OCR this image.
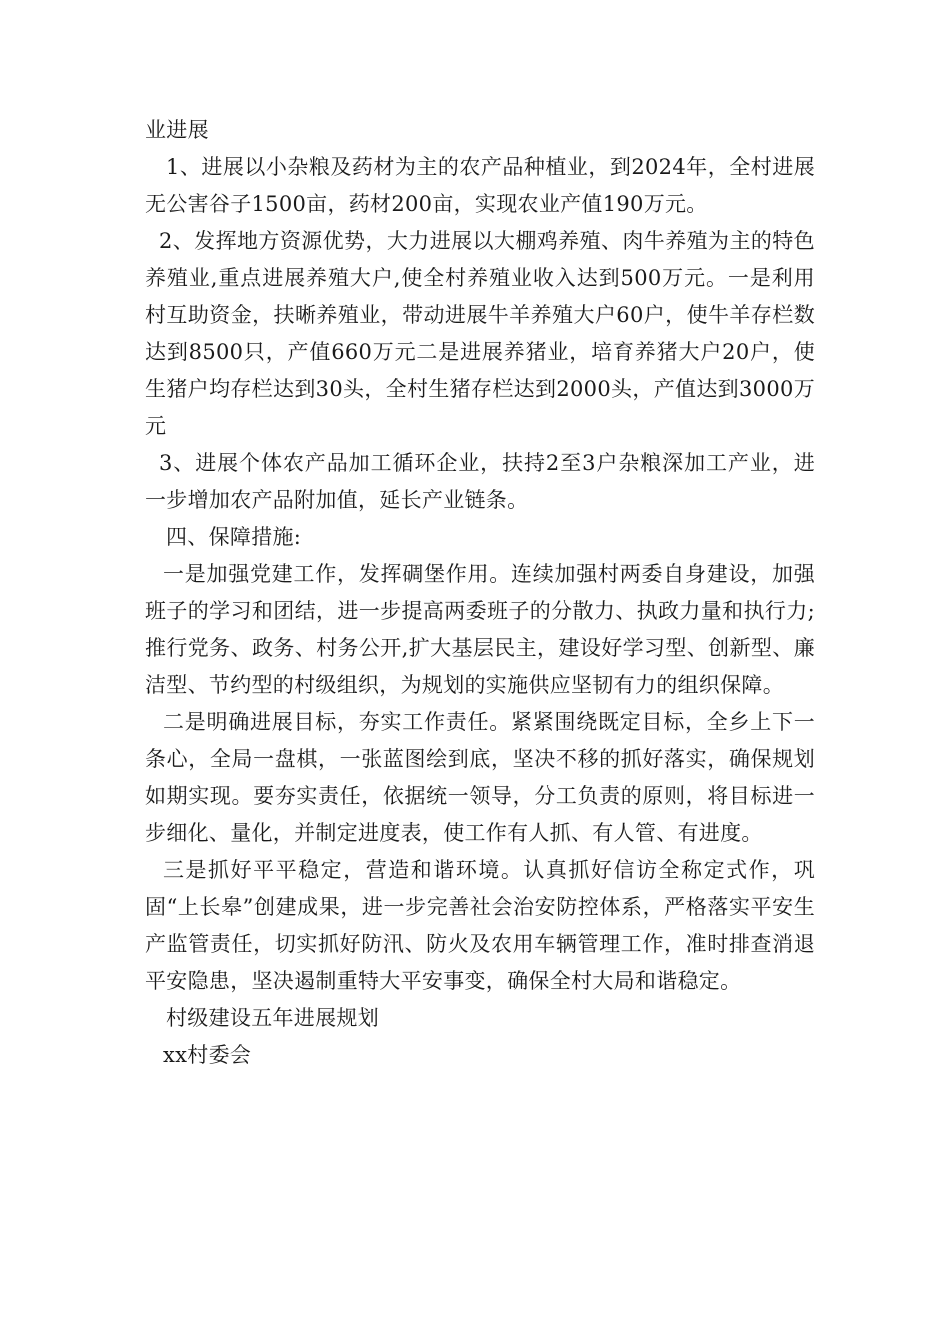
业进展

1、进展以小杂粮及药材为主的农产品种植业，到2024年，全村进展无公害谷子1500亩，药材200亩，实现农业产值190万元。

2、发挥地方资源优势，大力进展以大棚鸡养殖、肉牛养殖为主的特色养殖业,重点进展养殖大户,使全村养殖业收入达到500万元。一是利用村互助资金，扶晰养殖业，带动进展牛羊养殖大户60户，使牛羊存栏数达到8500只，产值660万元二是进展养猪业，培育养猪大户20户，使生猪户均存栏达到30头，全村生猪存栏达到2000头，产值达到3000万元

3、进展个体农产品加工循环企业，扶持2至3户杂粮深加工产业，进一步增加农产品附加值，延长产业链条。

四、保障措施:

一是加强党建工作，发挥碉堡作用。连续加强村两委自身建设，加强班子的学习和团结，进一步提高两委班子的分散力、执政力量和执行力;推行党务、政务、村务公开,扩大基层民主，建设好学习型、创新型、廉洁型、节约型的村级组织，为规划的实施供应坚韧有力的组织保障。

二是明确进展目标，夯实工作责任。紧紧围绕既定目标，全乡上下一条心，全局一盘棋，一张蓝图绘到底，坚决不移的抓好落实，确保规划如期实现。要夯实责任，依据统一领导，分工负责的原则，将目标进一步细化、量化，并制定进度表，使工作有人抓、有人管、有进度。

三是抓好平平稳定，营造和谐环境。认真抓好信访全称定式作，巩固“上长皋”创建成果，进一步完善社会治安防控体系，严格落实平安生产监管责任，切实抓好防汛、防火及农用车辆管理工作，准时排查消退平安隐患，坚决遏制重特大平安事变，确保全村大局和谐稳定。

村级建设五年进展规划

xx村委会
